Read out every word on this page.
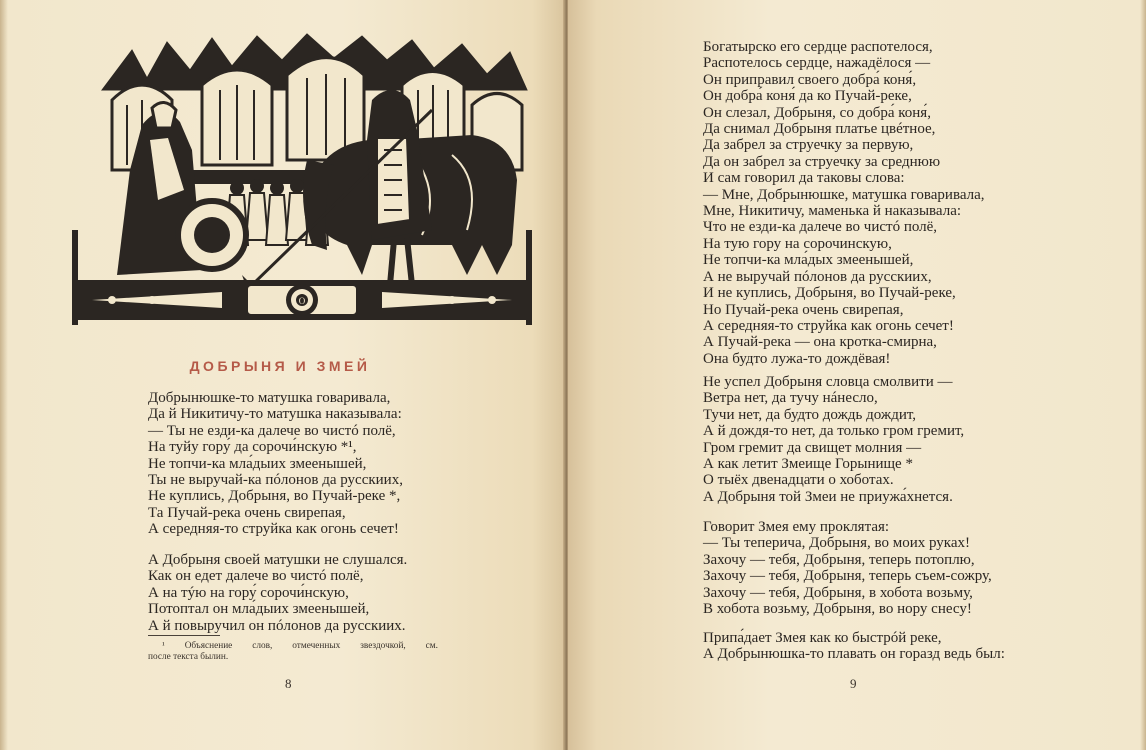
О
ДОБРЫНЯ И ЗМЕЙ
Добрынюшке-то матушка говаривала,
Да й Никитичу-то матушка наказывала:
— Ты не езди-ка далече во чистó полё,
На туйу гору́ да сорочи́нскую *¹,
Не топчи-ка мла́дыих змеенышей,
Ты не выручай-ка пóлонов да русскиих,
Не куплись, Добрыня, во Пучай-реке *,
Та Пучай-река очень свирепая,
А середняя-то струйка как огонь сечет!
А Добрыня своей матушки не слушался.
Как он едет далече во чистó полё,
А на тýю на гору́ сорочи́нскую,
Потоптал он мла́дыих змеенышей,
А й повыручил он пóлонов да русскиих.
¹ Объяснение слов, отмеченных звездочкой, см.
после текста былин.
8
Богатырско его сердце распотелося,
Распотелось сердце, нажадёлося —
Он приправил своего добра́ коня́,
Он добра́ коня́ да ко Пучай-реке,
Он слезал, Добрыня, со добра́ коня́,
Да снимал Добрыня платье цвéтное,
Да забрел за струечку за первую,
Да он забрел за струечку за среднюю
И сам говорил да таковы слова:
— Мне, Добрынюшке, матушка говаривала,
Мне, Никитичу, маменька й наказывала:
Что не езди-ка далече во чистó полё,
На тую гору на сорочинскую,
Не топчи-ка мла́дых змеенышей,
А не выручай пóлонов да русскиих,
И не куплись, Добрыня, во Пучай-реке,
Но Пучай-река очень свирепая,
А середняя-то струйка как огонь сечет!
А Пучай-река — она кротка-смирна,
Она будто лужа-то дождёвая!
Не успел Добрыня словца смолвити —
Ветра нет, да тучу нáнесло,
Тучи нет, да будто дождь дождит,
А й дождя-то нет, да только гром гремит,
Гром гремит да свищет молния —
А как летит Змеище Горынище *
О тыёх двенадцати о хоботах.
А Добрыня той Змеи не приужа́хнется.
Говорит Змея ему проклятая:
— Ты теперича, Добрыня, во моих руках!
Захочу — тебя, Добрыня, теперь потоплю,
Захочу — тебя, Добрыня, теперь съем-сожру,
Захочу — тебя, Добрыня, в хобота возьму,
В хобота возьму, Добрыня, во нору снесу!
Припа́дает Змея как ко быстрóй реке,
А Добрынюшка-то плавать он горазд ведь был:
9
